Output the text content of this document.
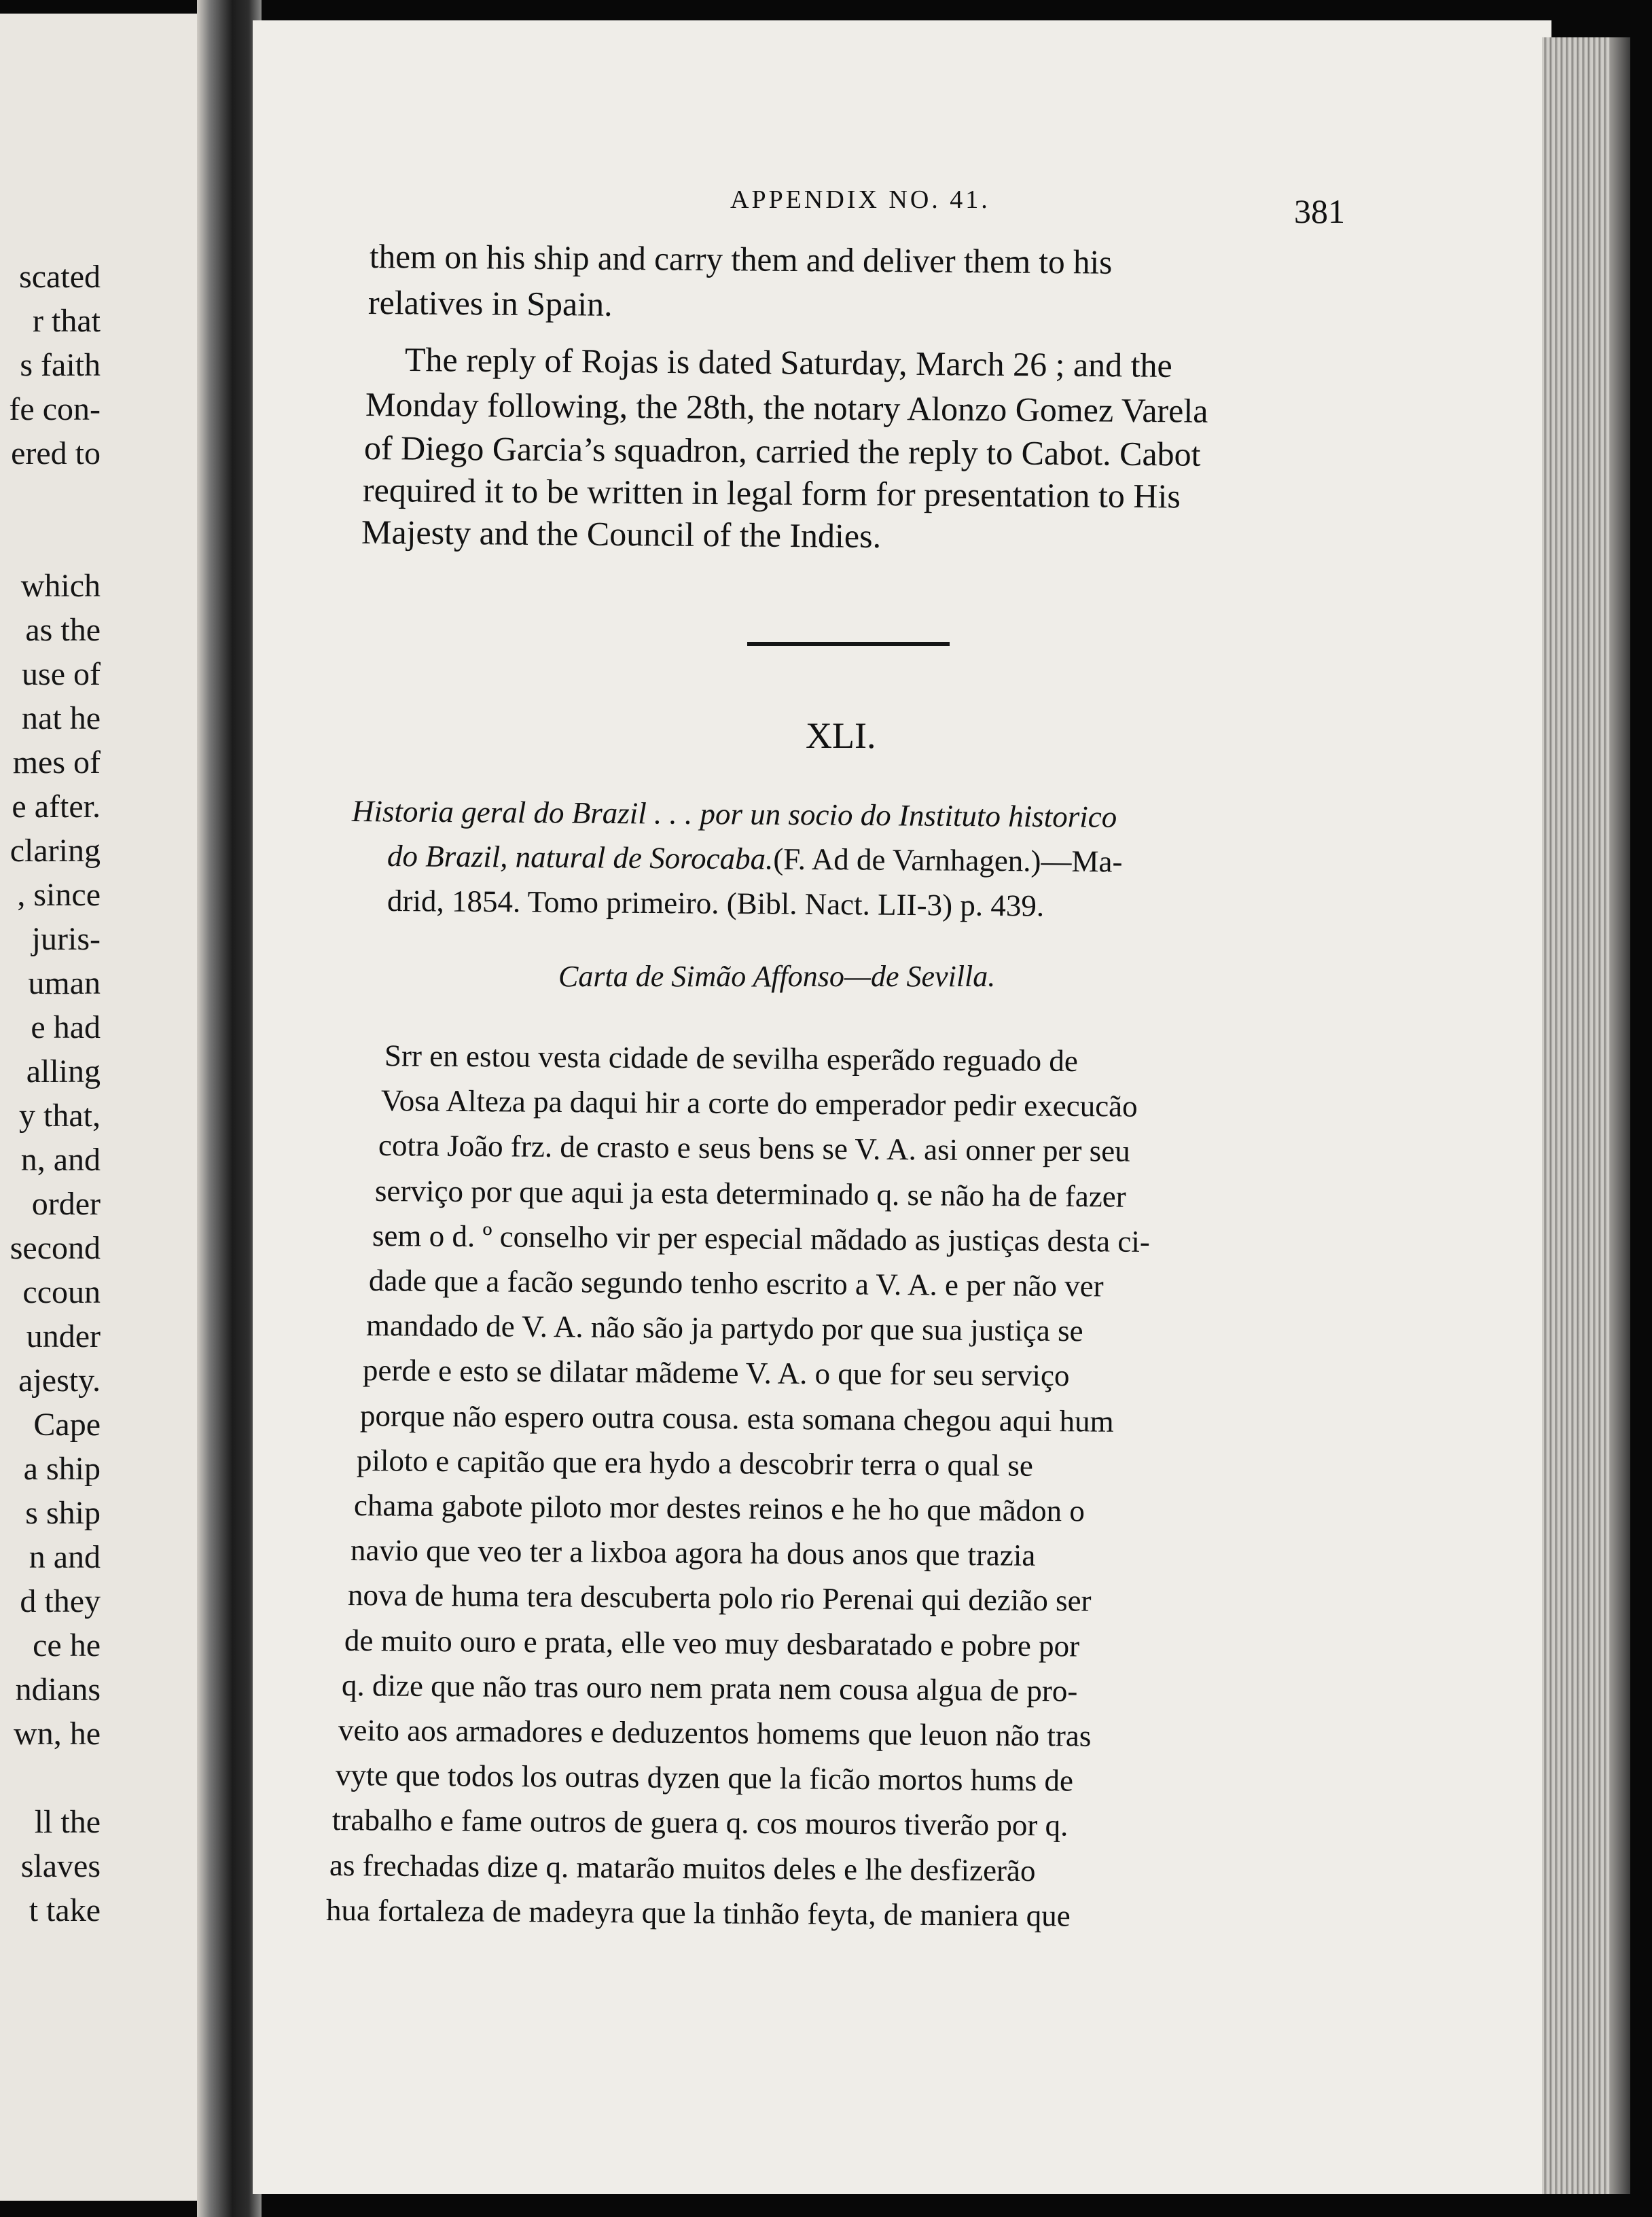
scated
r that
s faith
fe con-
ered to
which
as the
use of
nat he
mes of
e after.
claring
, since
juris-
uman
e had
alling
y that,
n, and
order
second
ccoun
under
ajesty.
Cape
a ship
s ship
n and
d they
ce he
ndians
wn, he
ll the
slaves
t take
APPENDIX NO. 41.	381
them on his ship and carry them and deliver them to his
relatives in Spain.
The reply of Rojas is dated Saturday, March 26 ; and the
Monday following, the 28th, the notary Alonzo Gomez Varela
of Diego Garcia’s squadron, carried the reply to Cabot. Cabot
required it to be written in legal form for presentation to His
Majesty and the Council of the Indies.
XLI.
Historia geral do Brazil . . . por un socio do Instituto historico
do Brazil, natural de Sorocaba.(F. Ad de Varnhagen.)—Ma-
drid, 1854. Tomo primeiro. (Bibl. Nact. LII-3) p. 439.
Carta de Simão Affonso—de Sevilla.
Srr en estou vesta cidade de sevilha esperãdo reguado de
Vosa Alteza pa daqui hir a corte do emperador pedir execucão
cotra João frz. de crasto e seus bens se V. A. asi onner per seu
serviço por que aqui ja esta determinado q. se não ha de fazer
sem o d. º conselho vir per especial mãdado as justiças desta ci-
dade que a facão segundo tenho escrito a V. A. e per não ver
mandado de V. A. não são ja partydo por que sua justiça se
perde e esto se dilatar mãdeme V. A. o que for seu serviço
porque não espero outra cousa. esta somana chegou aqui hum
piloto e capitão que era hydo a descobrir terra o qual se
chama gabote piloto mor destes reinos e he ho que mãdon o
navio que veo ter a lixboa agora ha dous anos que trazia
nova de huma tera descuberta polo rio Perenai qui dezião ser
de muito ouro e prata, elle veo muy desbaratado e pobre por
q. dize que não tras ouro nem prata nem cousa algua de pro-
veito aos armadores e deduzentos homems que leuon não tras
vyte que todos los outras dyzen que la ficão mortos hums de
trabalho e fame outros de guera q. cos mouros tiverão por q.
as frechadas dize q. matarão muitos deles e lhe desfizerão
hua fortaleza de madeyra que la tinhão feyta, de maniera que
